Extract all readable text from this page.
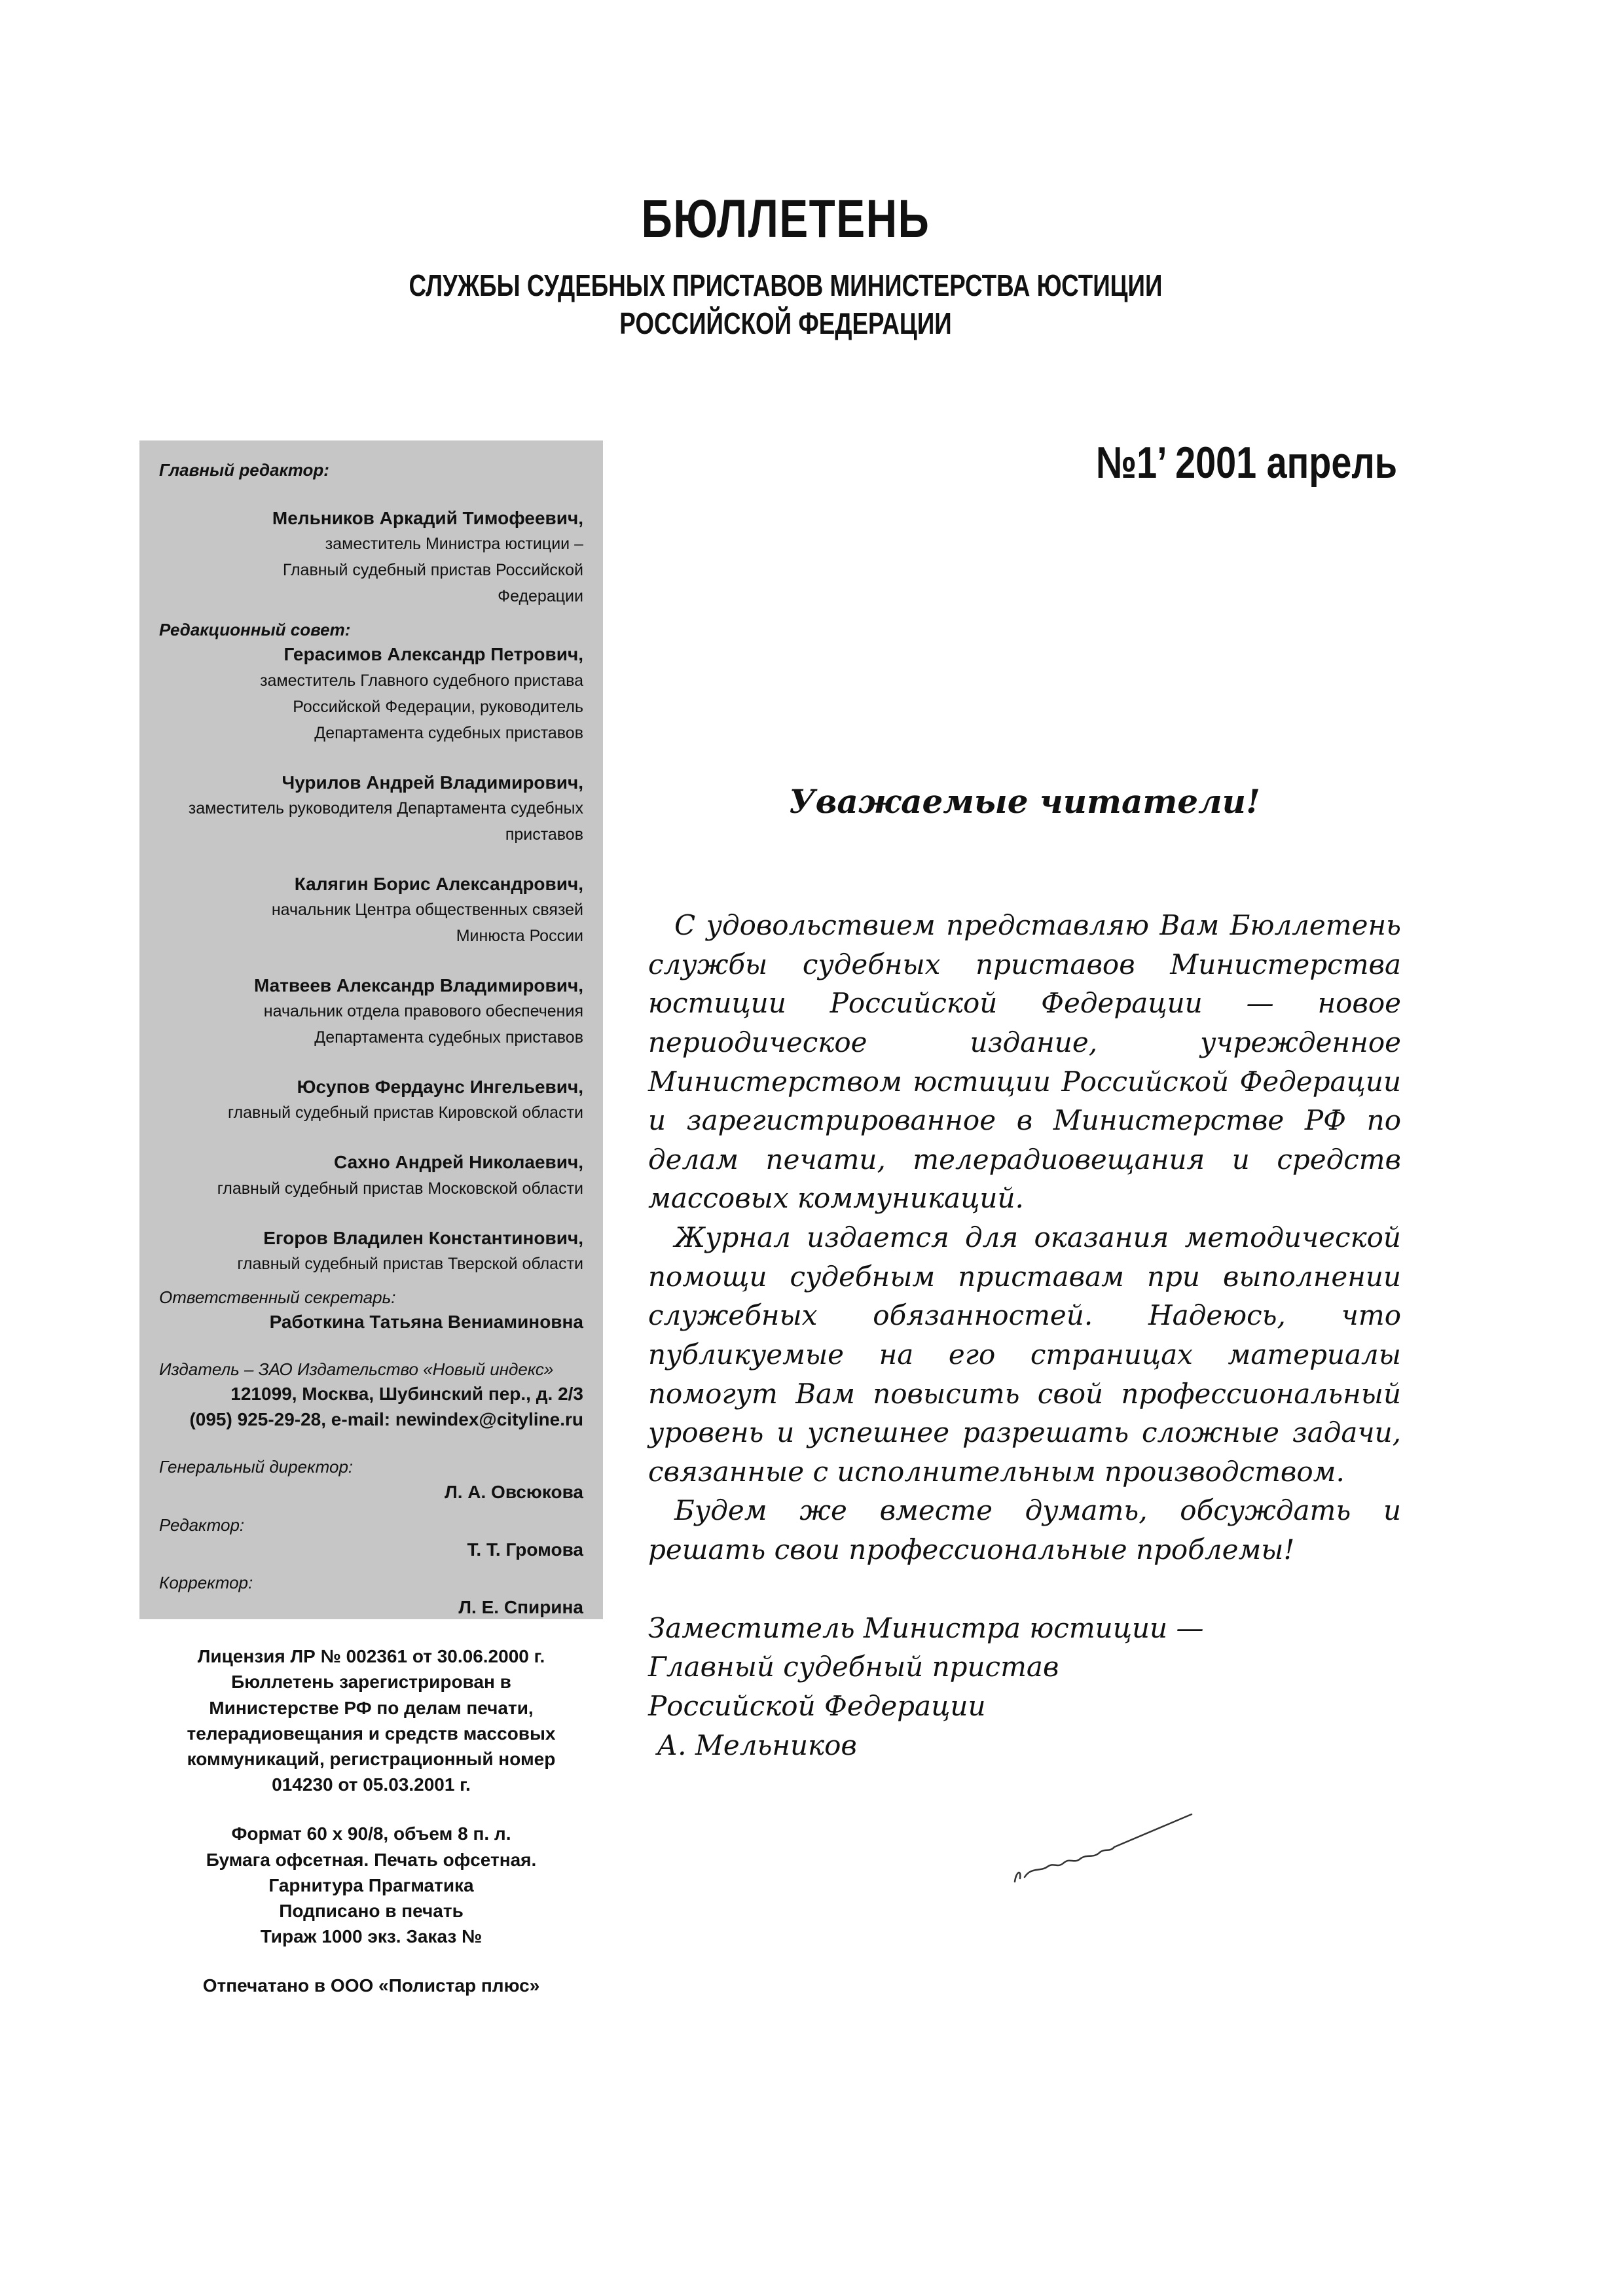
БЮЛЛЕТЕНЬ
СЛУЖБЫ СУДЕБНЫХ ПРИСТАВОВ МИНИСТЕРСТВА ЮСТИЦИИ
РОССИЙСКОЙ ФЕДЕРАЦИИ
№1’ 2001 апрель

Главный редактор:

Мельников Аркадий Тимофеевич,
заместитель Министра юстиции –
Главный судебный пристав Российской
Федерации

Редакционный совет:

Герасимов Александр Петрович,
заместитель Главного судебного пристава
Российской Федерации, руководитель
Департамента судебных приставов
Чурилов Андрей Владимирович,
заместитель руководителя Департамента судебных
приставов
Калягин Борис Александрович,
начальник Центра общественных связей
Минюста России
Матвеев Александр Владимирович,
начальник отдела правового обеспечения
Департамента судебных приставов
Юсупов Фердаунс Ингельевич,
главный судебный пристав Кировской области
Сахно Андрей Николаевич,
главный судебный пристав Московской области
Егоров Владилен Константинович,
главный судебный пристав Тверской области

Ответственный секретарь:

Работкина Татьяна Вениаминовна

Издатель – ЗАО Издательство «Новый индекс»

121099, Москва, Шубинский пер., д. 2/3

(095) 925-29-28, e-mail: newindex@cityline.ru

Генеральный директор:

Л. А. Овсюкова

Редактор:

Т. Т. Громова

Корректор:

Л. Е. Спирина

Лицензия ЛР № 002361 от 30.06.2000 г.

Бюллетень зарегистрирован в

Министерстве РФ по делам печати,

телерадиовещания и средств массовых

коммуникаций, регистрационный номер

014230 от 05.03.2001 г.

Формат 60 х 90/8, объем 8 п. л.

Бумага офсетная. Печать офсетная.

Гарнитура Прагматика

Подписано в печать

Тираж 1000 экз. Заказ №

Отпечатано в ООО «Полистар плюс»

Уважаемые читатели!

С удовольствием представляю Вам Бюллетень службы судебных приставов Министерства юстиции Российской Федерации — новое периодическое издание, учрежденное Министерством юстиции Российской Федерации и зарегистрированное в Министерстве РФ по делам печати, телерадиовещания и средств массовых коммуникаций.

Журнал издается для оказания методической помощи судебным приставам при выполнении служебных обязанностей. Надеюсь, что публикуемые на его страницах материалы помогут Вам повысить свой профессиональный уровень и успешнее разрешать сложные задачи, связанные с исполнительным производством.

Будем же вместе думать, обсуждать и решать свои профессиональные проблемы!

Заместитель Министра юстиции —
Главный судебный пристав
Российской Федерации
А. Мельников
